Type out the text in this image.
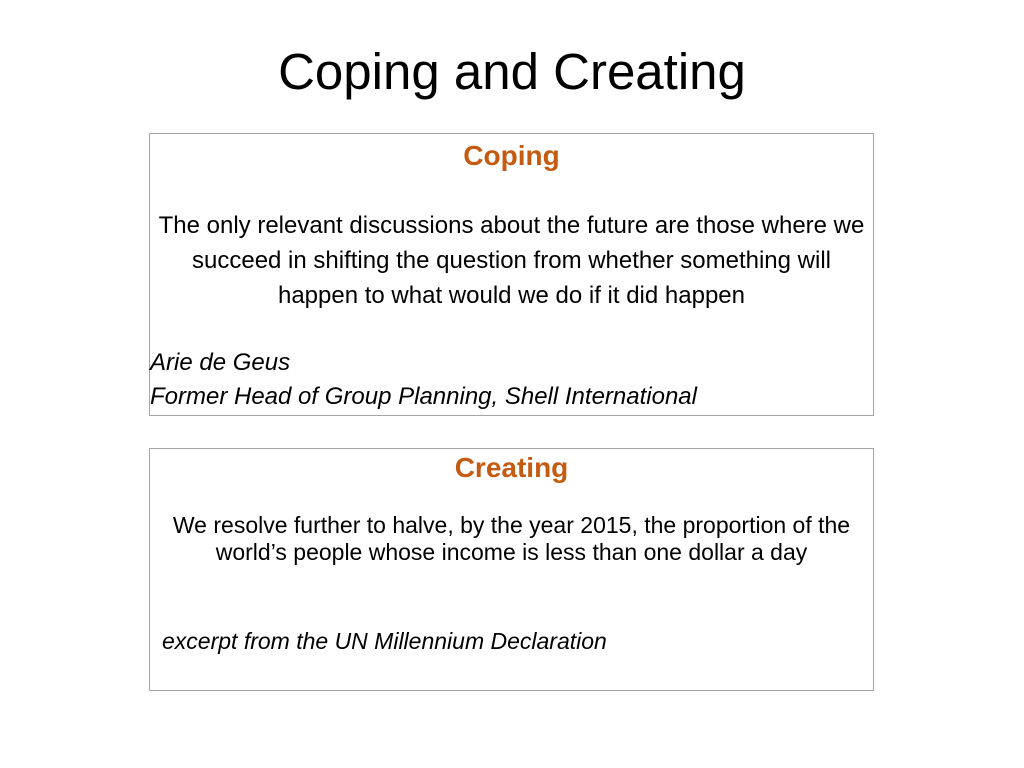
Coping and Creating
Coping

The only relevant discussions about the future are those where we succeed in shifting the question from whether something will happen to what would we do if it did happen

Arie de Geus

Former Head of Group Planning, Shell International

Creating

We resolve further to halve, by the year 2015, the proportion of the world’s people whose income is less than one dollar a day

excerpt from the UN Millennium Declaration
